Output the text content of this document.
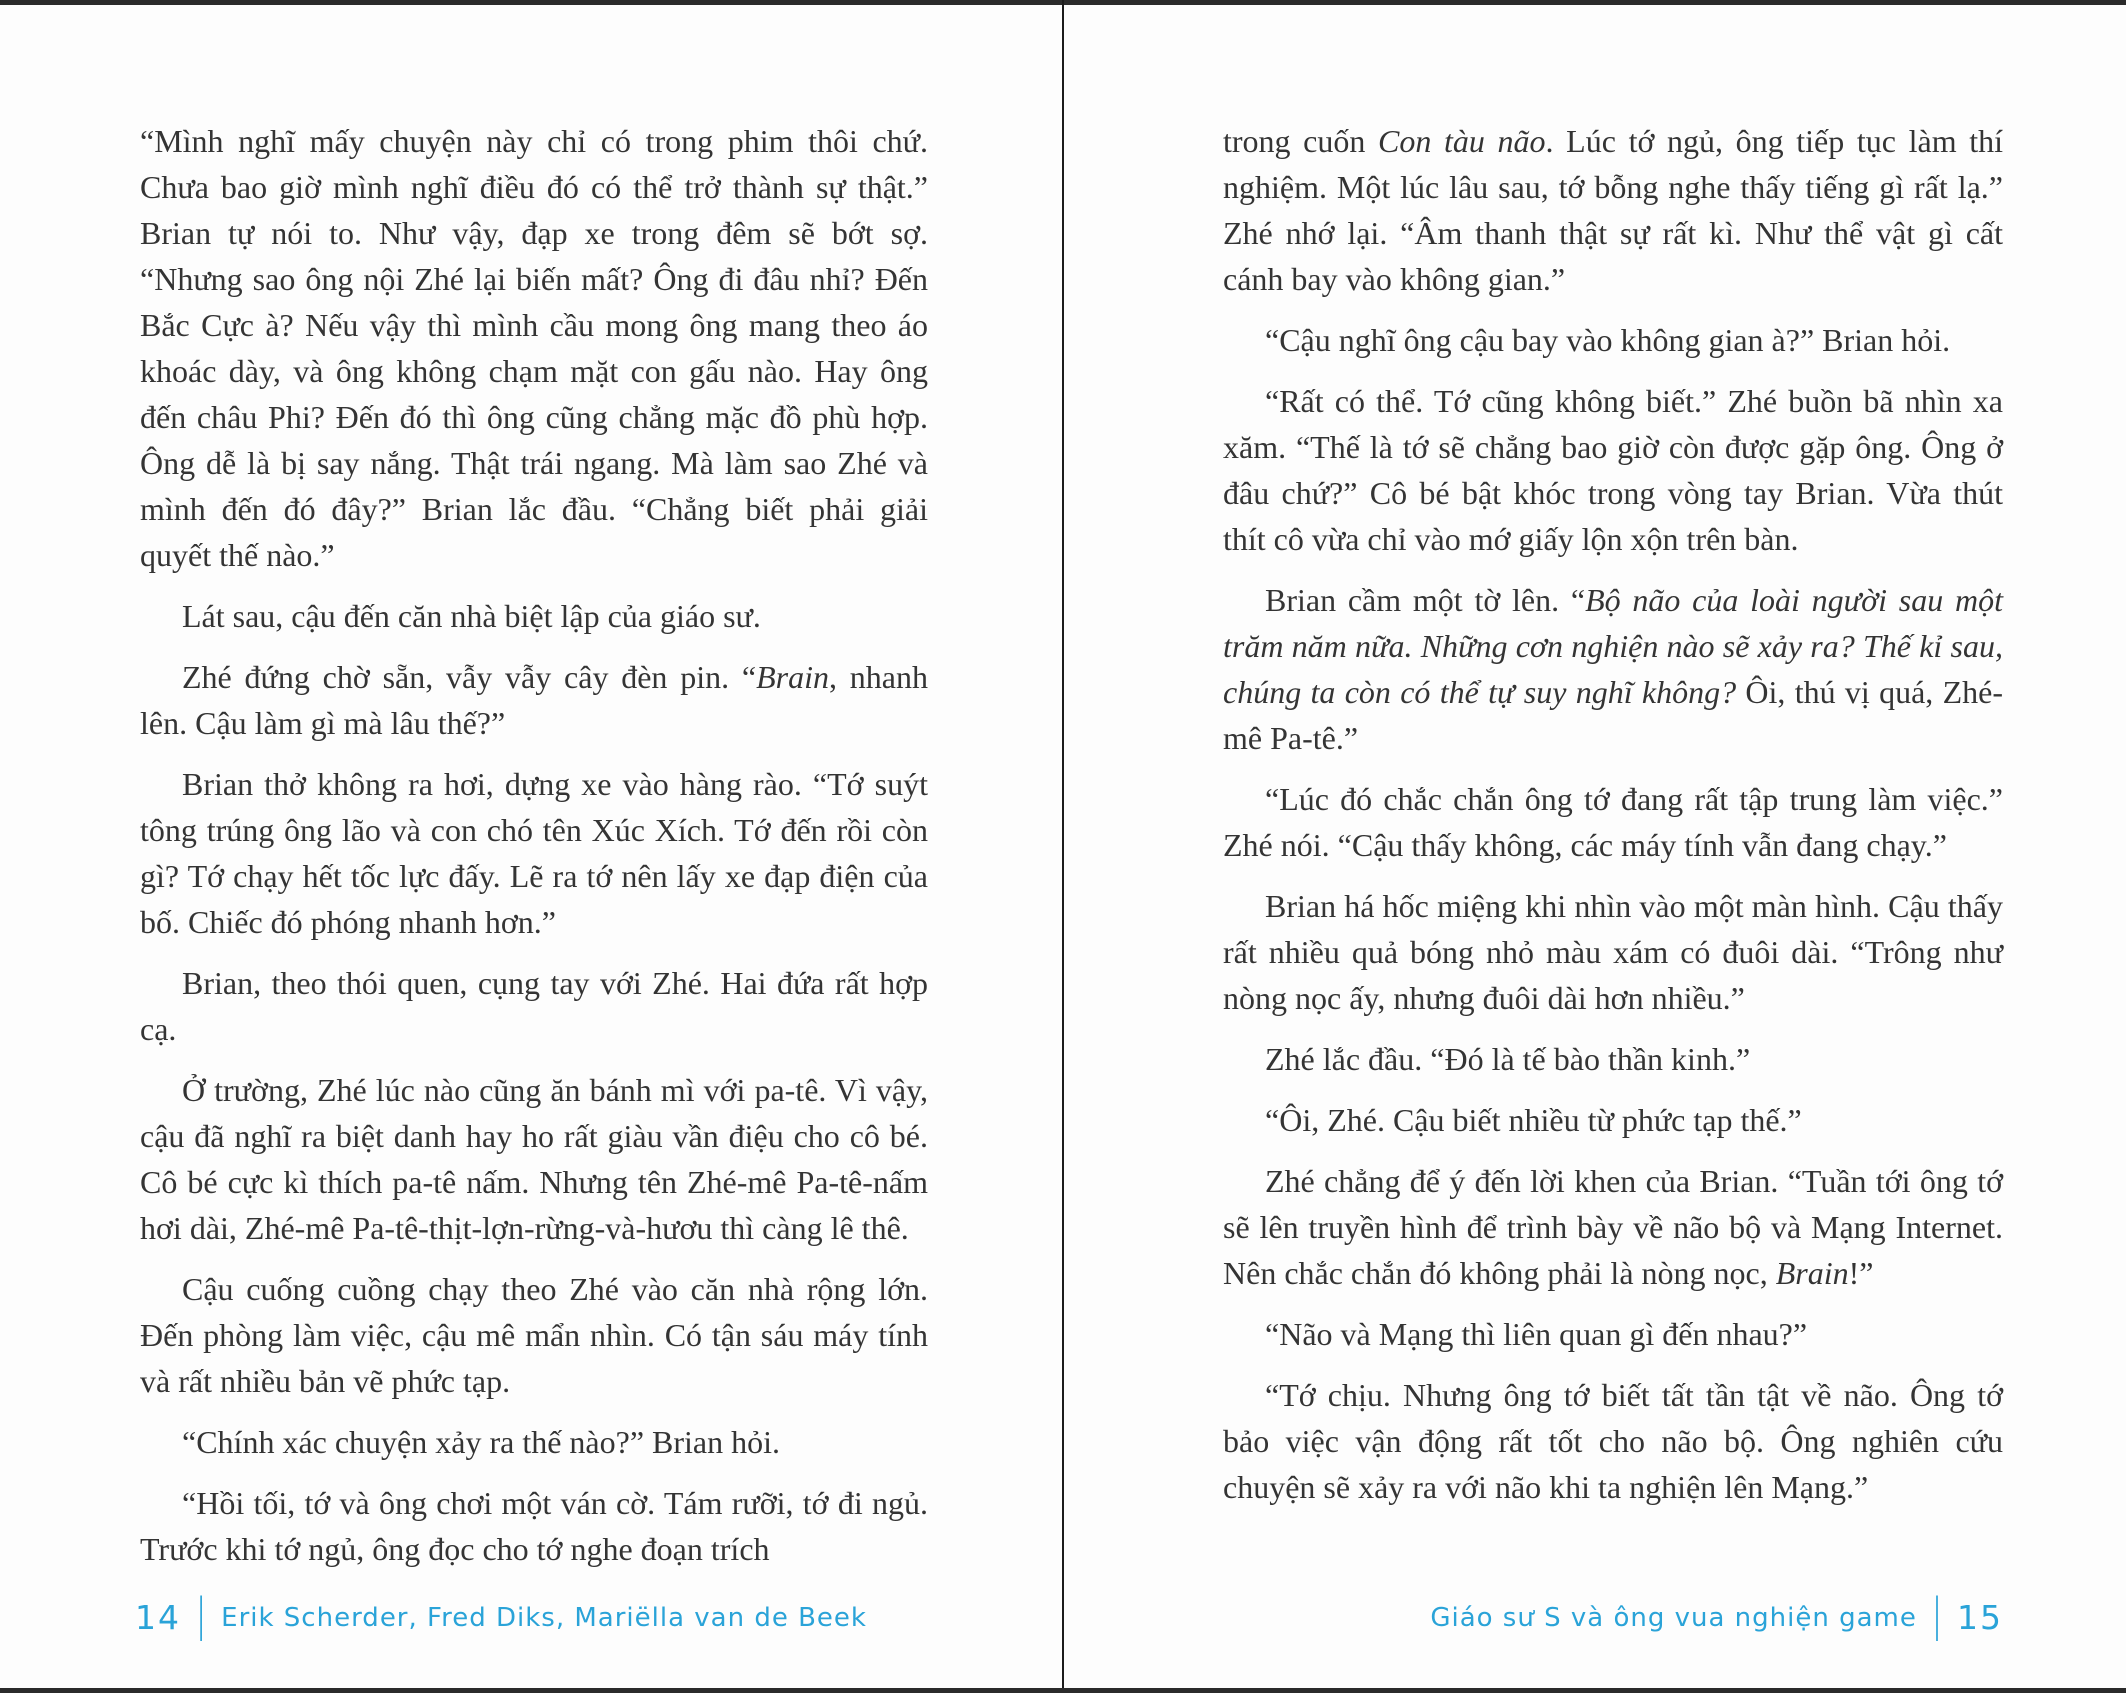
“Mình nghĩ mấy chuyện này chỉ có trong phim thôi chứ. Chưa bao giờ mình nghĩ điều đó có thể trở thành sự thật.” Brian tự nói to. Như vậy, đạp xe trong đêm sẽ bớt sợ. “Nhưng sao ông nội Zhé lại biến mất? Ông đi đâu nhỉ? Đến Bắc Cực à? Nếu vậy thì mình cầu mong ông mang theo áo khoác dày, và ông không chạm mặt con gấu nào. Hay ông đến châu Phi? Đến đó thì ông cũng chẳng mặc đồ phù hợp. Ông dễ là bị say nắng. Thật trái ngang. Mà làm sao Zhé và mình đến đó đây?” Brian lắc đầu. “Chẳng biết phải giải quyết thế nào.”

Lát sau, cậu đến căn nhà biệt lập của giáo sư.

Zhé đứng chờ sẵn, vẫy vẫy cây đèn pin. “Brain, nhanh lên. Cậu làm gì mà lâu thế?”

Brian thở không ra hơi, dựng xe vào hàng rào. “Tớ suýt tông trúng ông lão và con chó tên Xúc Xích. Tớ đến rồi còn gì? Tớ chạy hết tốc lực đấy. Lẽ ra tớ nên lấy xe đạp điện của bố. Chiếc đó phóng nhanh hơn.”

Brian, theo thói quen, cụng tay với Zhé. Hai đứa rất hợp cạ.

Ở trường, Zhé lúc nào cũng ăn bánh mì với pa-tê. Vì vậy, cậu đã nghĩ ra biệt danh hay ho rất giàu vần điệu cho cô bé. Cô bé cực kì thích pa-tê nấm. Nhưng tên Zhé-mê Pa-tê-nấm hơi dài, Zhé-mê Pa-tê-thịt-lợn-rừng-và-hươu thì càng lê thê.

Cậu cuống cuồng chạy theo Zhé vào căn nhà rộng lớn. Đến phòng làm việc, cậu mê mẩn nhìn. Có tận sáu máy tính và rất nhiều bản vẽ phức tạp.

“Chính xác chuyện xảy ra thế nào?” Brian hỏi.

“Hồi tối, tớ và ông chơi một ván cờ. Tám rưỡi, tớ đi ngủ. Trước khi tớ ngủ, ông đọc cho tớ nghe đoạn trích

14 | Erik Scherder, Fred Diks, Mariëlla van de Beek

trong cuốn Con tàu não. Lúc tớ ngủ, ông tiếp tục làm thí nghiệm. Một lúc lâu sau, tớ bỗng nghe thấy tiếng gì rất lạ.” Zhé nhớ lại. “Âm thanh thật sự rất kì. Như thể vật gì cất cánh bay vào không gian.”

“Cậu nghĩ ông cậu bay vào không gian à?” Brian hỏi.

“Rất có thể. Tớ cũng không biết.” Zhé buồn bã nhìn xa xăm. “Thế là tớ sẽ chẳng bao giờ còn được gặp ông. Ông ở đâu chứ?” Cô bé bật khóc trong vòng tay Brian. Vừa thút thít cô vừa chỉ vào mớ giấy lộn xộn trên bàn.

Brian cầm một tờ lên. “Bộ não của loài người sau một trăm năm nữa. Những cơn nghiện nào sẽ xảy ra? Thế kỉ sau, chúng ta còn có thể tự suy nghĩ không? Ôi, thú vị quá, Zhé-mê Pa-tê.”

“Lúc đó chắc chắn ông tớ đang rất tập trung làm việc.” Zhé nói. “Cậu thấy không, các máy tính vẫn đang chạy.”

Brian há hốc miệng khi nhìn vào một màn hình. Cậu thấy rất nhiều quả bóng nhỏ màu xám có đuôi dài. “Trông như nòng nọc ấy, nhưng đuôi dài hơn nhiều.”

Zhé lắc đầu. “Đó là tế bào thần kinh.”

“Ôi, Zhé. Cậu biết nhiều từ phức tạp thế.”

Zhé chẳng để ý đến lời khen của Brian. “Tuần tới ông tớ sẽ lên truyền hình để trình bày về não bộ và Mạng Internet. Nên chắc chắn đó không phải là nòng nọc, Brain!”

“Não và Mạng thì liên quan gì đến nhau?”

“Tớ chịu. Nhưng ông tớ biết tất tần tật về não. Ông tớ bảo việc vận động rất tốt cho não bộ. Ông nghiên cứu chuyện sẽ xảy ra với não khi ta nghiện lên Mạng.”

Giáo sư S và ông vua nghiện game | 15
